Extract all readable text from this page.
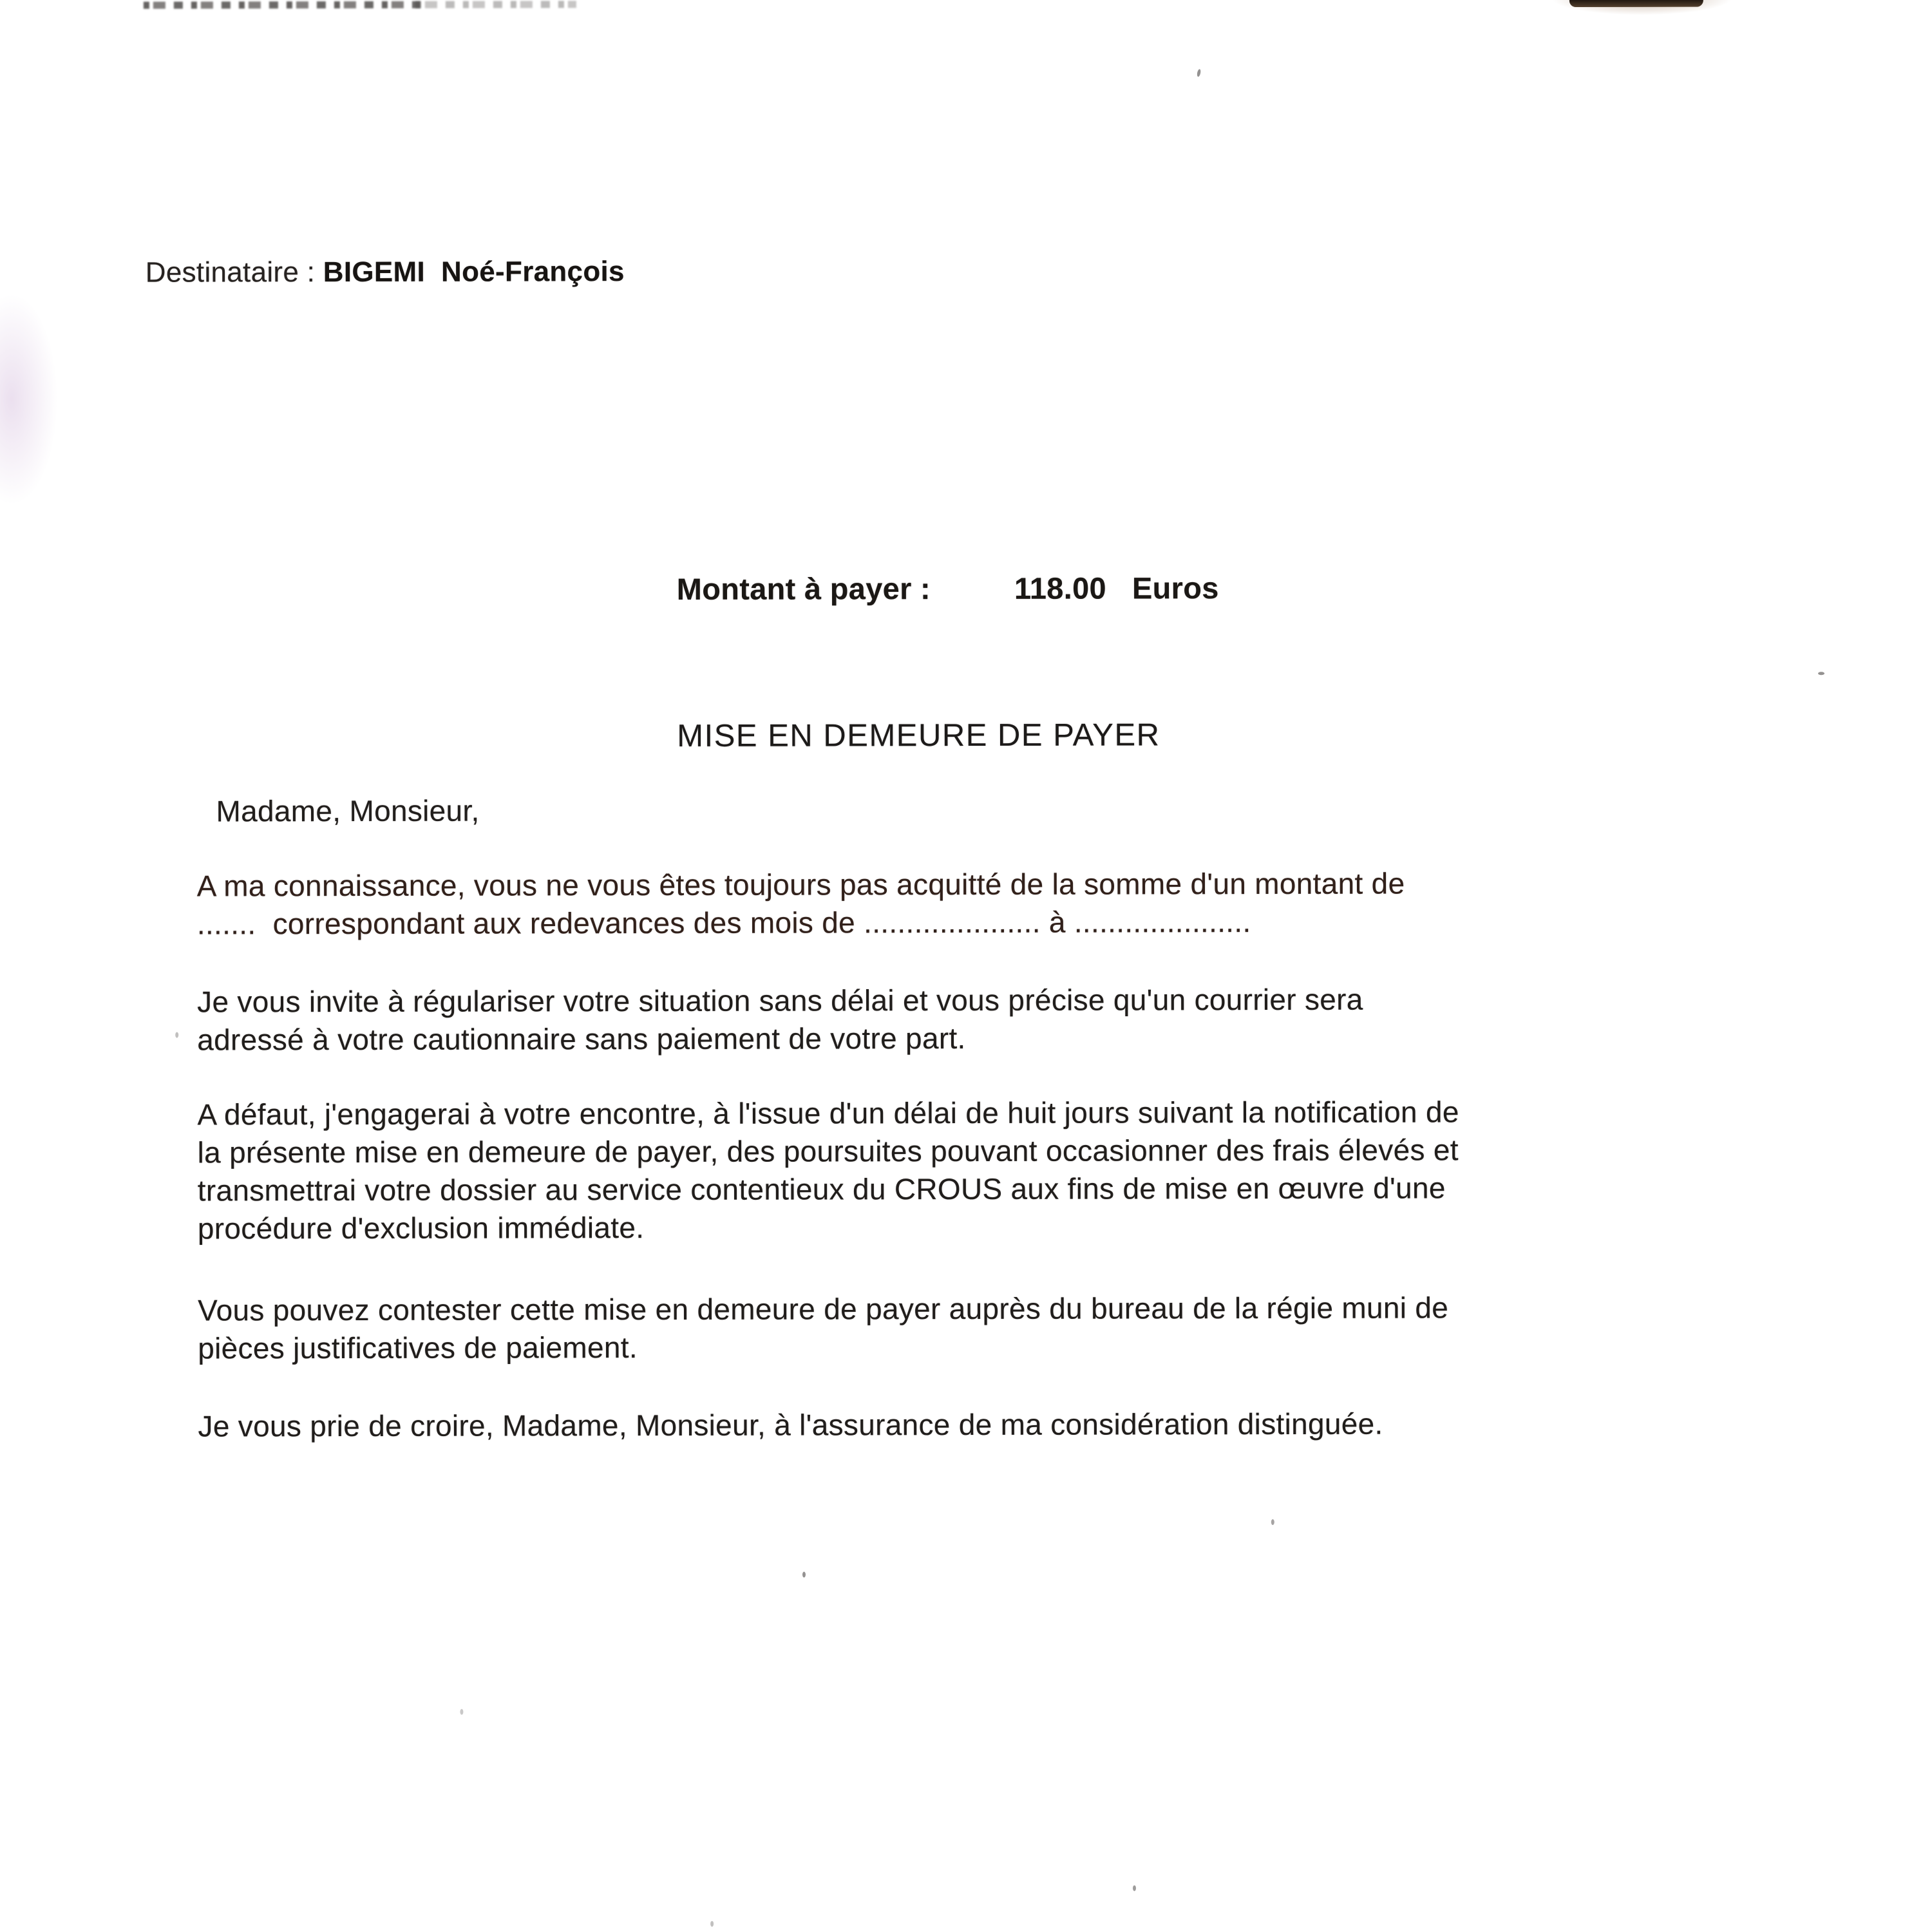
Destinataire : BIGEMI  Noé-François
Montant à payer :	118.00 Euros
MISE EN DEMEURE DE PAYER
Madame, Monsieur,
A ma connaissance, vous ne vous êtes toujours pas acquitté de la somme d'un montant de
.......  correspondant aux redevances des mois de ..................... à .....................
Je vous invite à régulariser votre situation sans délai et vous précise qu'un courrier sera
adressé à votre cautionnaire sans paiement de votre part.
A défaut, j'engagerai à votre encontre, à l'issue d'un délai de huit jours suivant la notification de
la présente mise en demeure de payer, des poursuites pouvant occasionner des frais élevés et
transmettrai votre dossier au service contentieux du CROUS aux fins de mise en œuvre d'une
procédure d'exclusion immédiate.
Vous pouvez contester cette mise en demeure de payer auprès du bureau de la régie muni de
pièces justificatives de paiement.
Je vous prie de croire, Madame, Monsieur, à l'assurance de ma considération distinguée.
